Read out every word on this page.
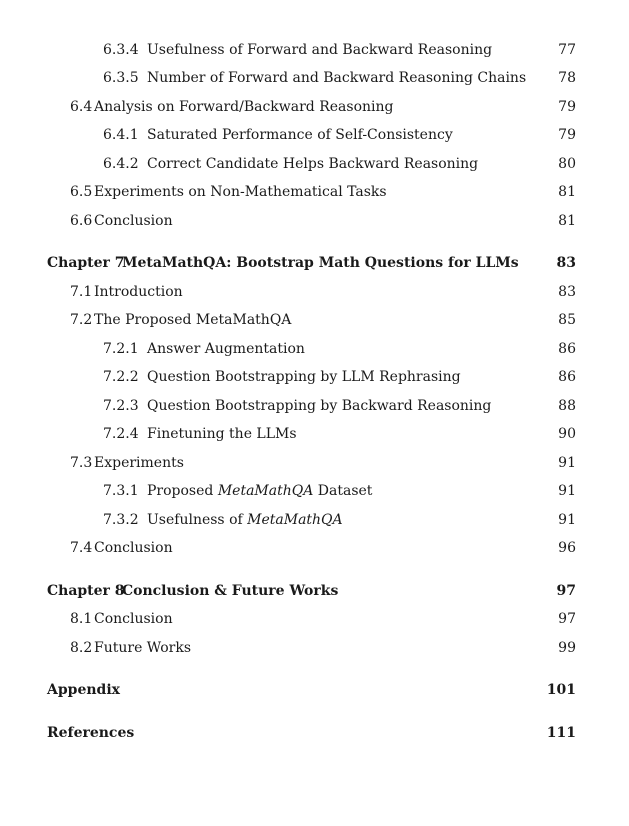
6.3.4 Usefulness of Forward and Backward Reasoning	77
6.3.5 Number of Forward and Backward Reasoning Chains 78
6.4 Analysis on Forward/Backward Reasoning	79
6.4.1 Saturated Performance of Self-Consistency	79
6.4.2 Correct Candidate Helps Backward Reasoning	80
6.5 Experiments on Non-Mathematical Tasks	81
6.6 Conclusion	81
Chapter 7MetaMathQA: Bootstrap Math Questions for LLMs	83
7.1 Introduction	83
7.2 The Proposed MetaMathQA	85
7.2.1 Answer Augmentation	86
7.2.2 Question Bootstrapping by LLM Rephrasing	86
7.2.3 Question Bootstrapping by Backward Reasoning	88
7.2.4 Finetuning the LLMs	90
7.3 Experiments	91
7.3.1 Proposed MetaMathQA Dataset	91
7.3.2 Usefulness of MetaMathQA	91
7.4 Conclusion	96
Chapter 8Conclusion & Future Works	97
8.1 Conclusion	97
8.2 Future Works	99
Appendix	101
References	111
